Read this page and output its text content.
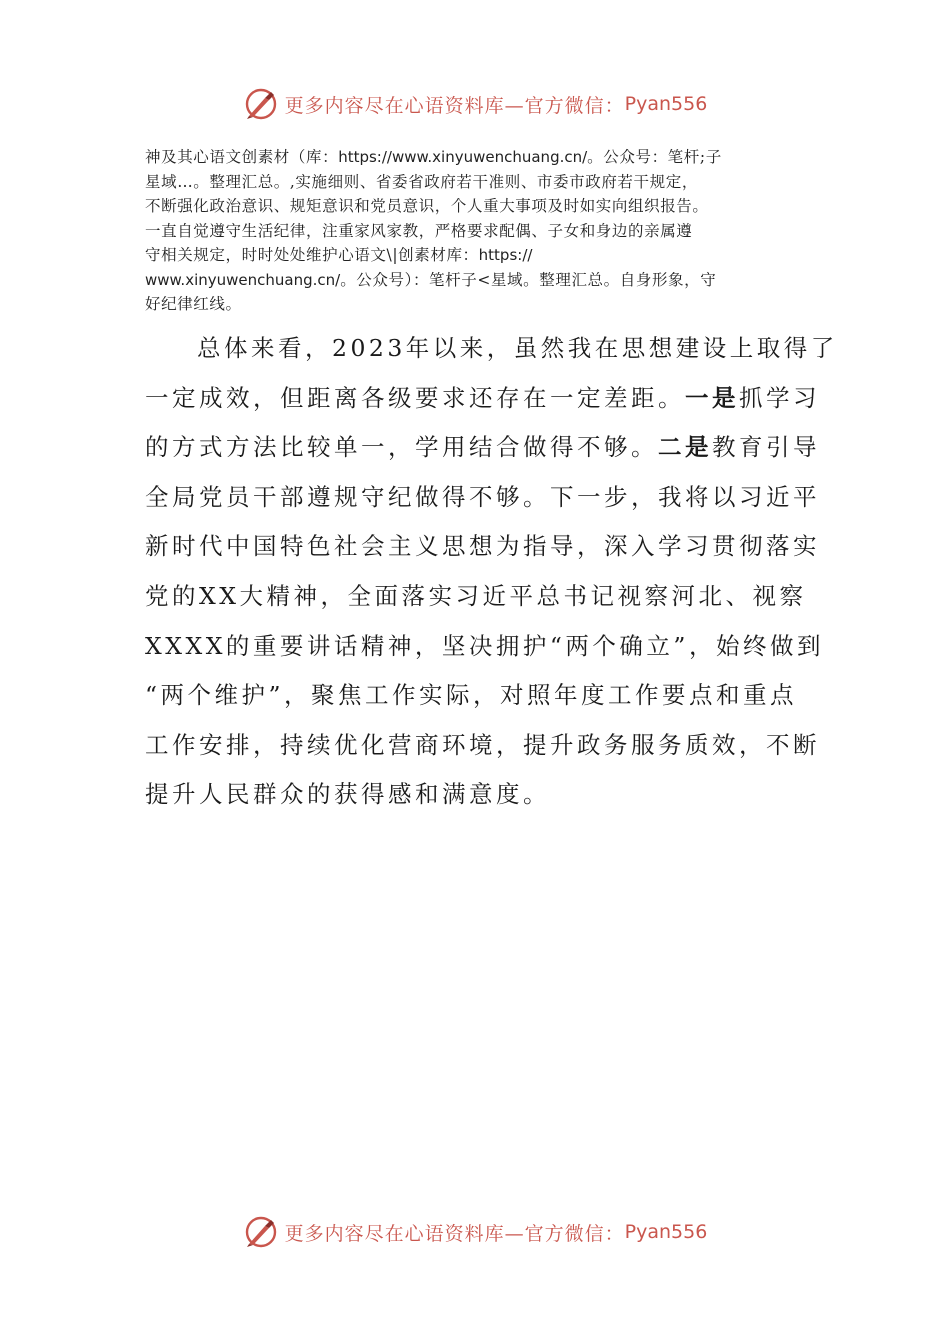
更多内容尽在心语资料库—官方微信： Pyan556
神及其心语文创素材（库：https://www.xinyuwenchuang.cn/。公众号：笔杆;子
星域…。整理汇总。,实施细则、省委省政府若干准则、市委市政府若干规定，
不断强化政治意识、规矩意识和党员意识，个人重大事项及时如实向组织报告。
一直自觉遵守生活纪律，注重家风家教，严格要求配偶、子女和身边的亲属遵
守相关规定，时时处处维护心语文\|创素材库：https://
www.xinyuwenchuang.cn/。公众号）：笔杆子<星域。整理汇总。自身形象，守
好纪律红线。
总体来看，2023年以来，虽然我在思想建设上取得了
一定成效，但距离各级要求还存在一定差距。一是抓学习
的方式方法比较单一，学用结合做得不够。二是教育引导
全局党员干部遵规守纪做得不够。下一步，我将以习近平
新时代中国特色社会主义思想为指导，深入学习贯彻落实
党的XX大精神，全面落实习近平总书记视察河北、视察
XXXX的重要讲话精神，坚决拥护“两个确立”，始终做到
“两个维护”，聚焦工作实际，对照年度工作要点和重点
工作安排，持续优化营商环境，提升政务服务质效，不断
提升人民群众的获得感和满意度。
更多内容尽在心语资料库—官方微信： Pyan556
